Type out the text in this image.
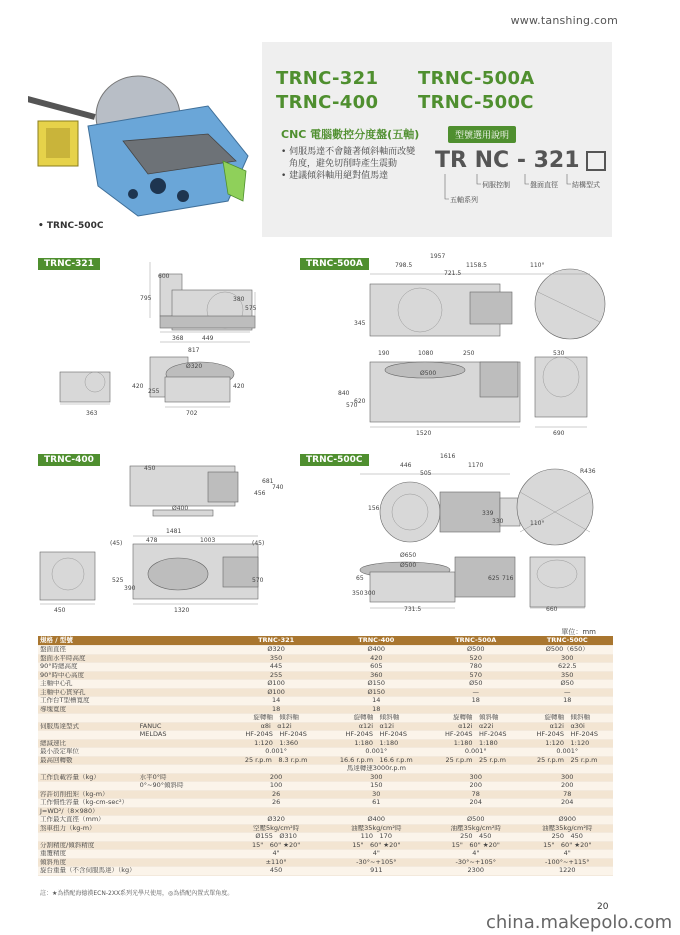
www.tanshing.com
• TRNC-500C
TRNC-321 TRNC-500A
TRNC-400 TRNC-500C
CNC 電腦數控分度盤(五軸)
• 伺服馬達不會隨著傾斜軸而改變
角度，避免切削時產生震動
• 建議傾斜軸用絕對值馬達
型號選用說明
TR NC - 321
五軸系列
伺服控制	盤面直徑 結構型式
TRNC-321	TRNC-500A
TRNC-400	TRNC-500C
795
600
380
575
368	449
817
Ø320
420
255
420
363	702
1957
798.5	1158.5
721.5
345
110°
190	1080	250	530
Ø500
840
570
620
1520	690
450
681
740
456
Ø400
(45)
1481
478	1003	(45)
525
390
570
1320
450
1616
446	1170
505	R436
156
330
339
110°
Ø650
Ø500
65
350 300
625 716
731.5	660
單位：mm
規格 / 型號		TRNC-321	TRNC-400	TRNC-500A	TRNC-500C
盤面直徑		Ø320	Ø400	Ø500	Ø500（650）
盤面水平時高度		350	420	520	300
90°時總高度		445	605	780	622.5
90°時中心高度		255	360	570	350
主軸中心孔		Ø100	Ø150	Ø50	Ø50
主軸中心貫穿孔		Ø100	Ø150	—	—
工作台T型槽寬度		14	14	18	18
導塊寬度		18	18		
		旋轉軸　傾斜軸	旋轉軸　傾斜軸	旋轉軸　傾斜軸	旋轉軸　傾斜軸
伺服馬達型式	FANUC	α8i　α12i	α12i　α12i	α12i　α22i	α12i　α30i
	MELDAS	HF-204S　HF-204S	HF-204S　HF-204S	HF-204S　HF-204S	HF-204S　HF-204S
總減速比		1:120　1:360	1:180　1:180	1:180　1:180	1:120　1:120
最小設定單位		0.001°	0.001°	0.001°	0.001°
最高回轉數		25 r.p.m　8.3 r.p.m	16.6 r.p.m　16.6 r.p.m	25 r.p.m　25 r.p.m	25 r.p.m　25 r.p.m
			馬達轉速3000r.p.m		
工作負載容量（kg）	水平0°時	200	300	300	300
	0°~90°傾斜時	100	150	200	200
容許切削扭矩（kg-m）		26	30	78	78
工作慣性容量（kg-cm-sec²）		26	61	204	204
J=WD²/（8×980）					
工作最大直徑（mm）		Ø320	Ø400	Ø500	Ø900
煞車扭力（kg-m）		空壓5kg/cm²時	油壓35kg/cm²時	油壓35kg/cm²時	油壓35kg/cm²時
		Ø155　Ø310	110　170	250　450	250　450
分割精度/傾斜精度		15"　60" ★20"	15"　60" ★20"	15"　60" ★20"	15"　60" ★20"
重覆精度		4"	4"	4"	4"
傾斜角度		±110°	-30°~+105°	-30°~+105°	-100°~+115°
旋台重量（不含伺服馬達）（kg）		450	911	2300	1220
註：★為搭配海德漢ECN-2XX系列光學尺使用，◎為搭配內置式單角度。
20
china.makepolo.com
